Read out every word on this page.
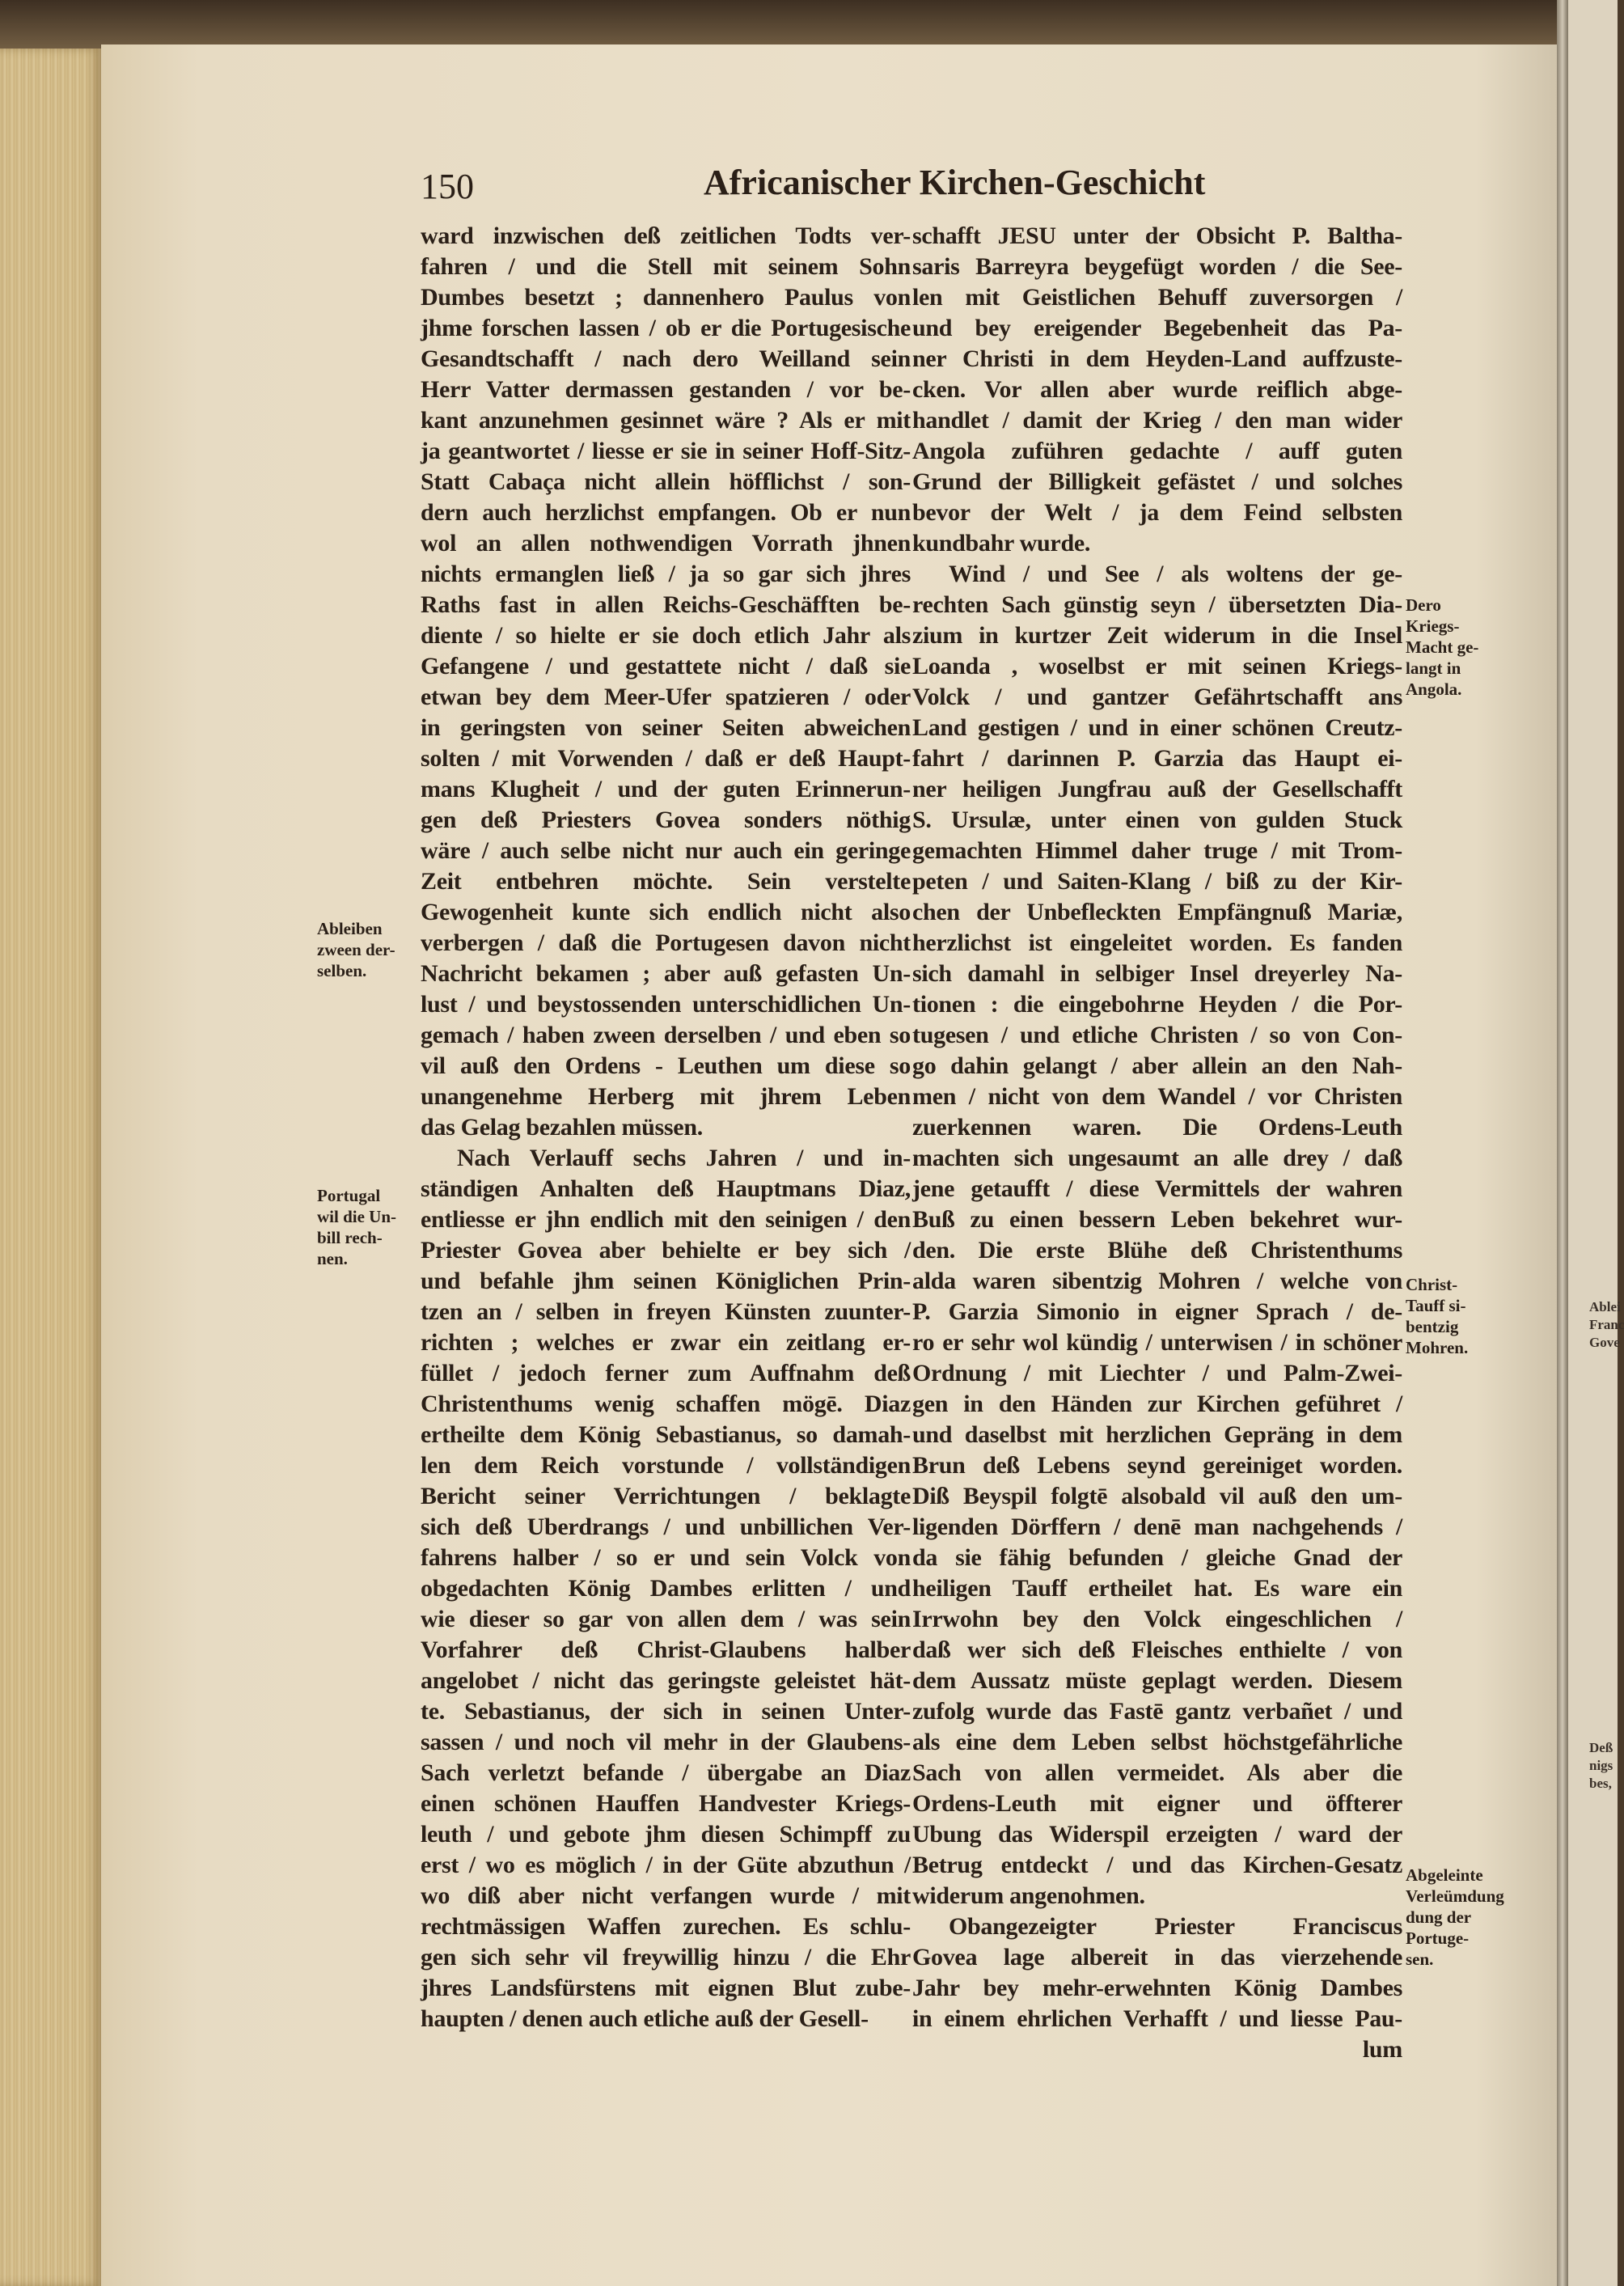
Ablei
Franc
Gove
Deß
nigs
bes,
150	Africanischer Kirchen-Geschicht
ward inzwischen deß zeitlichen Todts ver-
fahren / und die Stell mit seinem Sohn
Dumbes besetzt ; dannenhero Paulus von
jhme forschen lassen / ob er die Portugesische
Gesandtschafft / nach dero Weilland sein
Herr Vatter dermassen gestanden / vor be-
kant anzunehmen gesinnet wäre ? Als er mit
ja geantwortet / liesse er sie in seiner Hoff-Sitz-
Statt Cabaça nicht allein höfflichst / son-
dern auch herzlichst empfangen. Ob er nun
wol an allen nothwendigen Vorrath jhnen
nichts ermanglen ließ / ja so gar sich jhres
Raths fast in allen Reichs-Geschäfften be-
diente / so hielte er sie doch etlich Jahr als
Gefangene / und gestattete nicht / daß sie
etwan bey dem Meer-Ufer spatzieren / oder
in geringsten von seiner Seiten abweichen
solten / mit Vorwenden / daß er deß Haupt-
mans Klugheit / und der guten Erinnerun-
gen deß Priesters Govea sonders nöthig
wäre / auch selbe nicht nur auch ein geringe
Zeit entbehren möchte. Sein verstelte
Gewogenheit kunte sich endlich nicht also
verbergen / daß die Portugesen davon nicht
Nachricht bekamen ; aber auß gefasten Un-
lust / und beystossenden unterschidlichen Un-
gemach / haben zween derselben / und eben so
vil auß den Ordens - Leuthen um diese so
unangenehme Herberg mit jhrem Leben
das Gelag bezahlen müssen.
Nach Verlauff sechs Jahren / und in-
ständigen Anhalten deß Hauptmans Diaz,
entliesse er jhn endlich mit den seinigen / den
Priester Govea aber behielte er bey sich /
und befahle jhm seinen Königlichen Prin-
tzen an / selben in freyen Künsten zuunter-
richten ; welches er zwar ein zeitlang er-
füllet / jedoch ferner zum Auffnahm deß
Christenthums wenig schaffen mögē. Diaz
ertheilte dem König Sebastianus, so damah-
len dem Reich vorstunde / vollständigen
Bericht seiner Verrichtungen / beklagte
sich deß Uberdrangs / und unbillichen Ver-
fahrens halber / so er und sein Volck von
obgedachten König Dambes erlitten / und
wie dieser so gar von allen dem / was sein
Vorfahrer deß Christ-Glaubens halber
angelobet / nicht das geringste geleistet hät-
te. Sebastianus, der sich in seinen Unter-
sassen / und noch vil mehr in der Glaubens-
Sach verletzt befande / übergabe an Diaz
einen schönen Hauffen Handvester Kriegs-
leuth / und gebote jhm diesen Schimpff zu
erst / wo es möglich / in der Güte abzuthun /
wo diß aber nicht verfangen wurde / mit
rechtmässigen Waffen zurechen. Es schlu-
gen sich sehr vil freywillig hinzu / die Ehr
jhres Landsfürstens mit eignen Blut zube-
haupten / denen auch etliche auß der Gesell-
schafft JESU unter der Obsicht P. Baltha-
saris Barreyra beygefügt worden / die See-
len mit Geistlichen Behuff zuversorgen /
und bey ereigender Begebenheit das Pa-
ner Christi in dem Heyden-Land auffzuste-
cken. Vor allen aber wurde reiflich abge-
handlet / damit der Krieg / den man wider
Angola zuführen gedachte / auff guten
Grund der Billigkeit gefästet / und solches
bevor der Welt / ja dem Feind selbsten
kundbahr wurde.
Wind / und See / als woltens der ge-
rechten Sach günstig seyn / übersetzten Dia-
zium in kurtzer Zeit widerum in die Insel
Loanda , woselbst er mit seinen Kriegs-
Volck / und gantzer Gefährtschafft ans
Land gestigen / und in einer schönen Creutz-
fahrt / darinnen P. Garzia das Haupt ei-
ner heiligen Jungfrau auß der Gesellschafft
S. Ursulæ, unter einen von gulden Stuck
gemachten Himmel daher truge / mit Trom-
peten / und Saiten-Klang / biß zu der Kir-
chen der Unbefleckten Empfängnuß Mariæ,
herzlichst ist eingeleitet worden. Es fanden
sich damahl in selbiger Insel dreyerley Na-
tionen : die eingebohrne Heyden / die Por-
tugesen / und etliche Christen / so von Con-
go dahin gelangt / aber allein an den Nah-
men / nicht von dem Wandel / vor Christen
zuerkennen waren. Die Ordens-Leuth
machten sich ungesaumt an alle drey / daß
jene getaufft / diese Vermittels der wahren
Buß zu einen bessern Leben bekehret wur-
den. Die erste Blühe deß Christenthums
alda waren sibentzig Mohren / welche von
P. Garzia Simonio in eigner Sprach / de-
ro er sehr wol kündig / unterwisen / in schöner
Ordnung / mit Liechter / und Palm-Zwei-
gen in den Händen zur Kirchen geführet /
und daselbst mit herzlichen Gepräng in dem
Brun deß Lebens seynd gereiniget worden.
Diß Beyspil folgtē alsobald vil auß den um-
ligenden Dörffern / denē man nachgehends /
da sie fähig befunden / gleiche Gnad der
heiligen Tauff ertheilet hat. Es ware ein
Irrwohn bey den Volck eingeschlichen /
daß wer sich deß Fleisches enthielte / von
dem Aussatz müste geplagt werden. Diesem
zufolg wurde das Fastē gantz verbañet / und
als eine dem Leben selbst höchstgefährliche
Sach von allen vermeidet. Als aber die
Ordens-Leuth mit eigner und öffterer
Ubung das Widerspil erzeigten / ward der
Betrug entdeckt / und das Kirchen-Gesatz
widerum angenohmen.
Obangezeigter Priester Franciscus
Govea lage albereit in das vierzehende
Jahr bey mehr-erwehnten König Dambes
in einem ehrlichen Verhafft / und liesse Pau-
lum
Ableiben
zween der-
selben.
Portugal
wil die Un-
bill rech-
nen.
Dero
Kriegs-
Macht ge-
langt in
Angola.
Christ-
Tauff si-
bentzig
Mohren.
Abgeleinte
Verleümdung
dung der
Portuge-
sen.
